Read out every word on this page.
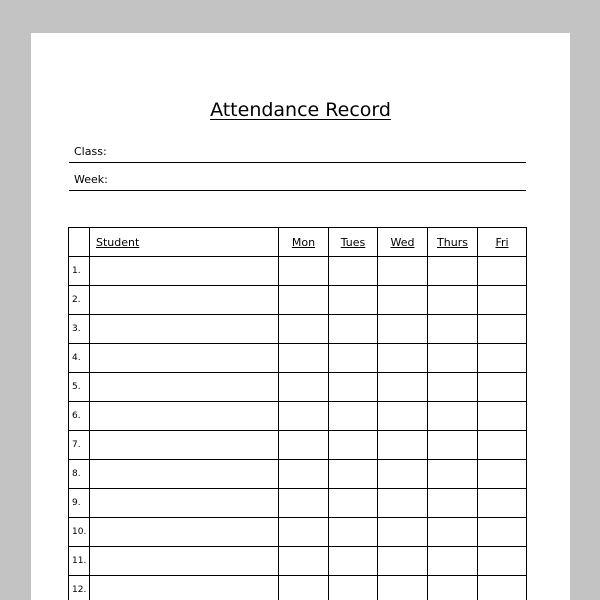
Attendance Record
Class:
Week:
	Student	Mon	Tues	Wed	Thurs	Fri
1.						
2.						
3.						
4.						
5.						
6.						
7.						
8.						
9.						
10.						
11.						
12.						
